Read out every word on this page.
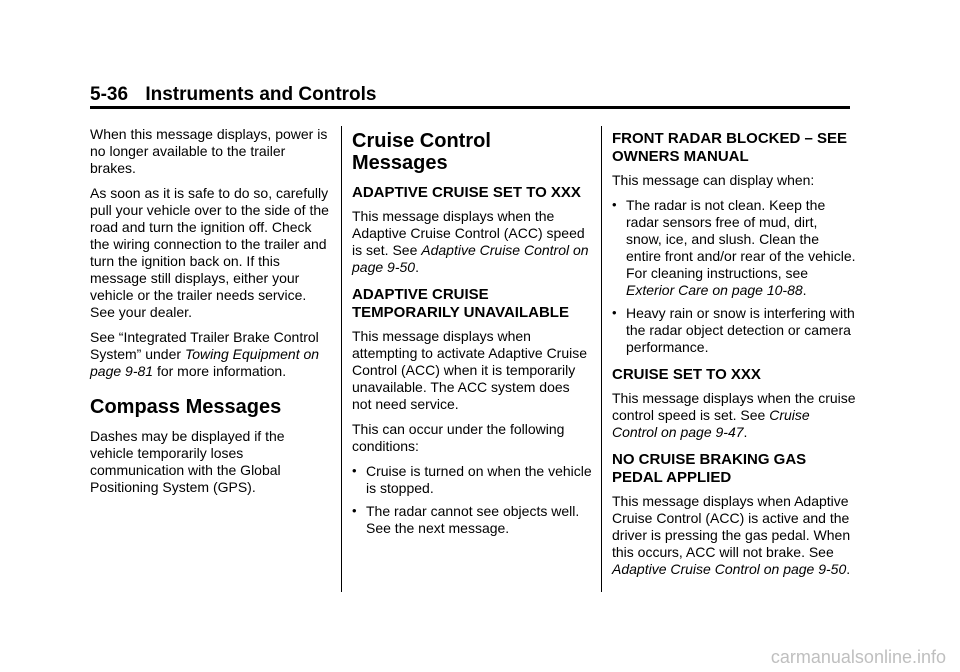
5-36 Instruments and Controls

When this message displays, power is no longer available to the trailer brakes.

As soon as it is safe to do so, carefully pull your vehicle over to the side of the road and turn the ignition off. Check the wiring connection to the trailer and turn the ignition back on. If this message still displays, either your vehicle or the trailer needs service. See your dealer.

See “Integrated Trailer Brake Control System” under Towing Equipment on page 9-81 for more information.

Compass Messages

Dashes may be displayed if the vehicle temporarily loses communication with the Global Positioning System (GPS).

Cruise Control Messages
ADAPTIVE CRUISE SET TO XXX

This message displays when the Adaptive Cruise Control (ACC) speed is set. See Adaptive Cruise Control on page 9-50.

ADAPTIVE CRUISE TEMPORARILY UNAVAILABLE

This message displays when attempting to activate Adaptive Cruise Control (ACC) when it is temporarily unavailable. The ACC system does not need service.

This can occur under the following conditions:

• Cruise is turned on when the vehicle is stopped.
• The radar cannot see objects well. See the next message.
FRONT RADAR BLOCKED – SEE OWNERS MANUAL

This message can display when:

• The radar is not clean. Keep the radar sensors free of mud, dirt, snow, ice, and slush. Clean the entire front and/or rear of the vehicle. For cleaning instructions, see Exterior Care on page 10-88.
• Heavy rain or snow is interfering with the radar object detection or camera performance.
CRUISE SET TO XXX

This message displays when the cruise control speed is set. See Cruise Control on page 9-47.

NO CRUISE BRAKING GAS PEDAL APPLIED

This message displays when Adaptive Cruise Control (ACC) is active and the driver is pressing the gas pedal. When this occurs, ACC will not brake. See Adaptive Cruise Control on page 9-50.

carmanualsonline.info
